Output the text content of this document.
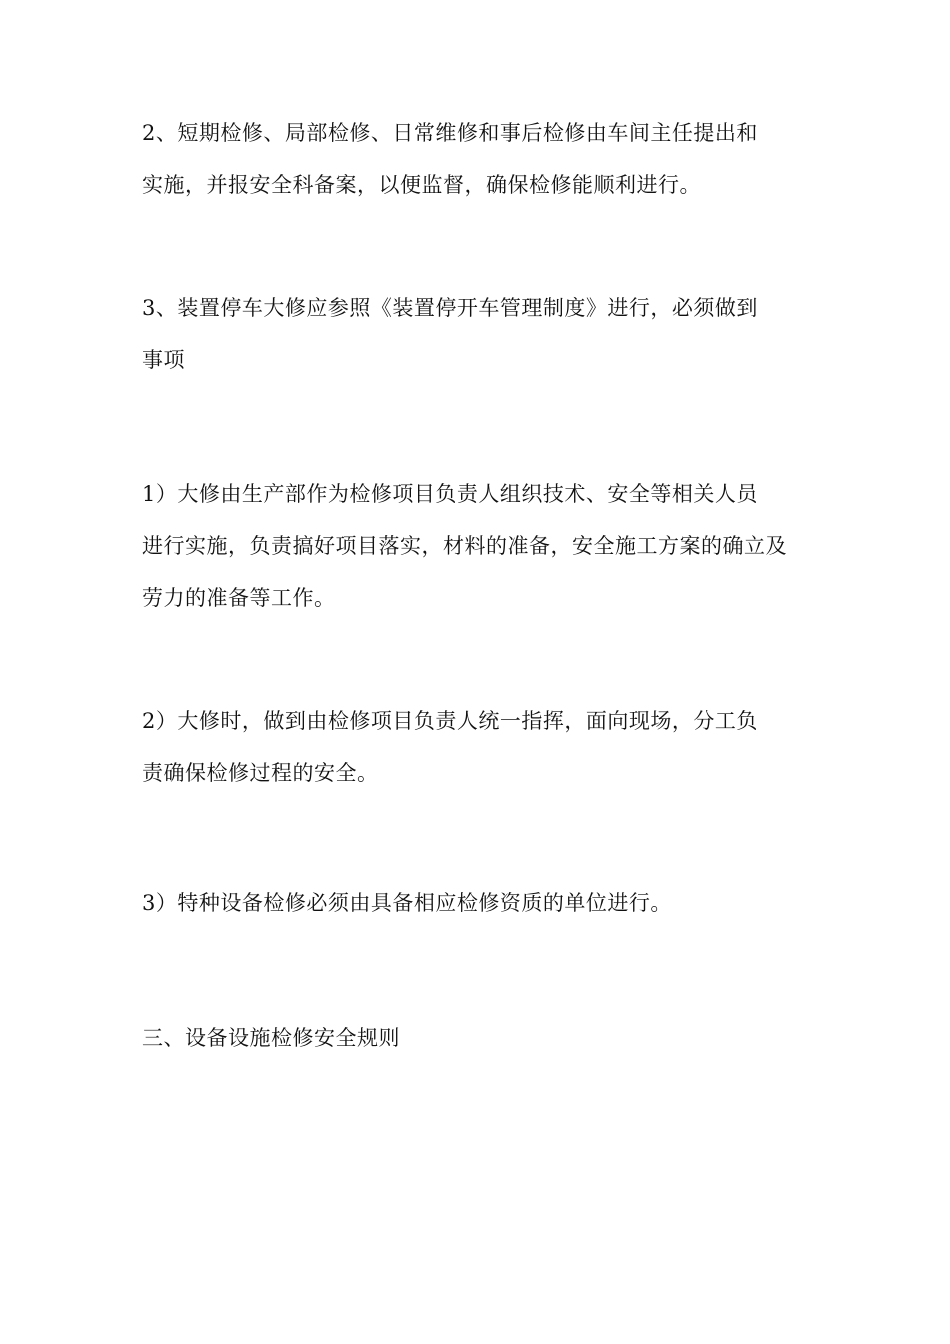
2、短期检修、局部检修、日常维修和事后检修由车间主任提出和
实施，并报安全科备案，以便监督，确保检修能顺利进行。
3、装置停车大修应参照《装置停开车管理制度》进行，必须做到
事项
1）大修由生产部作为检修项目负责人组织技术、安全等相关人员
进行实施，负责搞好项目落实，材料的准备，安全施工方案的确立及
劳力的准备等工作。
2）大修时，做到由检修项目负责人统一指挥，面向现场，分工负
责确保检修过程的安全。
3）特种设备检修必须由具备相应检修资质的单位进行。
三、设备设施检修安全规则
